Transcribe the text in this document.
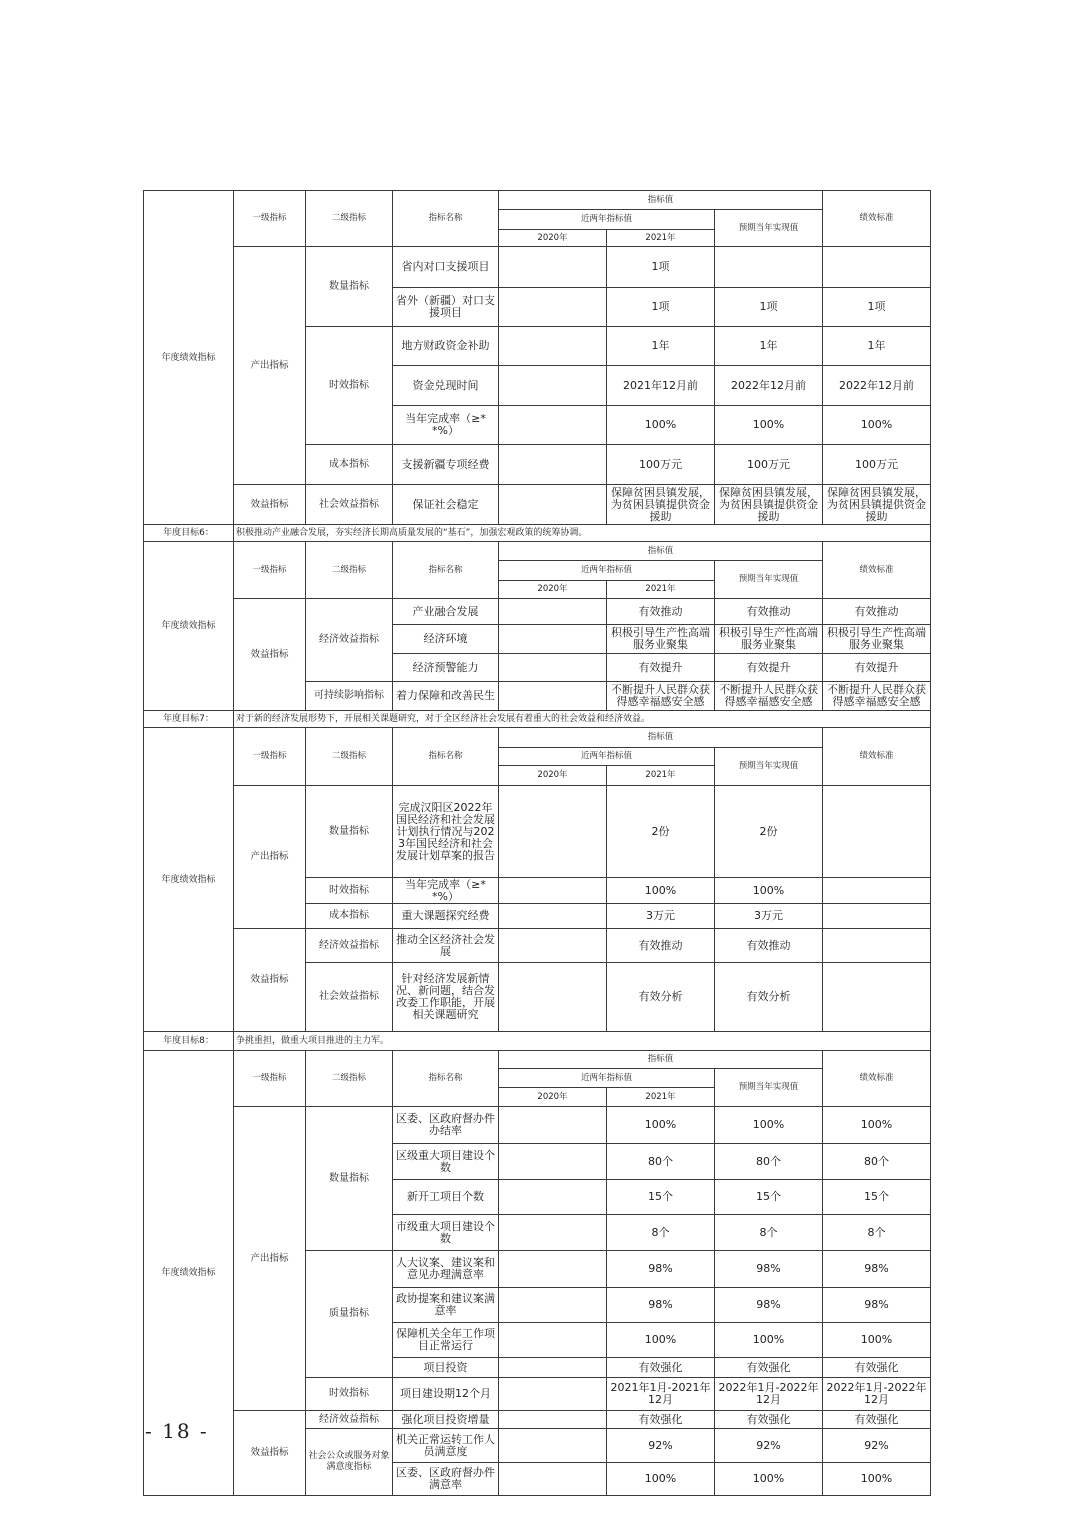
年度绩效指标	一级指标	二级指标	指标名称	指标值			绩效标准
				近两年指标值		预期当年实现值	
				2020年	2021年		
	产出指标	数量指标	省内对口支援项目		1项		
			省外（新疆）对口支援项目		1项	1项	1项
		时效指标	地方财政资金补助		1年	1年	1年
			资金兑现时间		2021年12月前	2022年12月前	2022年12月前
			当年完成率（≥**%）		100%	100%	100%
		成本指标	支援新疆专项经费		100万元	100万元	100万元
	效益指标	社会效益指标	保证社会稳定		保障贫困县镇发展，为贫困县镇提供资金援助	保障贫困县镇发展，为贫困县镇提供资金援助	保障贫困县镇发展，为贫困县镇提供资金援助
年度目标6：	积极推动产业融合发展，夯实经济长期高质量发展的“基石”，加强宏观政策的统筹协调。						
年度绩效指标	一级指标	二级指标	指标名称	指标值			绩效标准
				近两年指标值		预期当年实现值	
				2020年	2021年		
	效益指标	经济效益指标	产业融合发展		有效推动	有效推动	有效推动
			经济环境		积极引导生产性高端服务业聚集	积极引导生产性高端服务业聚集	积极引导生产性高端服务业聚集
			经济预警能力		有效提升	有效提升	有效提升
		可持续影响指标	着力保障和改善民生		不断提升人民群众获得感幸福感安全感	不断提升人民群众获得感幸福感安全感	不断提升人民群众获得感幸福感安全感
年度目标7：	对于新的经济发展形势下，开展相关课题研究，对于全区经济社会发展有着重大的社会效益和经济效益。						
年度绩效指标	一级指标	二级指标	指标名称	指标值			绩效标准
				近两年指标值		预期当年实现值	
				2020年	2021年		
	产出指标	数量指标	完成汉阳区2022年国民经济和社会发展计划执行情况与2023年国民经济和社会发展计划草案的报告		2份	2份	
		时效指标	当年完成率（≥**%）		100%	100%	
		成本指标	重大课题探究经费		3万元	3万元	
	效益指标	经济效益指标	推动全区经济社会发展		有效推动	有效推动	
		社会效益指标	针对经济发展新情况、新问题，结合发改委工作职能，开展相关课题研究		有效分析	有效分析	
年度目标8：	争挑重担，做重大项目推进的主力军。						
年度绩效指标	一级指标	二级指标	指标名称	指标值			绩效标准
				近两年指标值		预期当年实现值	
				2020年	2021年		
	产出指标	数量指标	区委、区政府督办件办结率		100%	100%	100%
			区级重大项目建设个数		80个	80个	80个
			新开工项目个数		15个	15个	15个
			市级重大项目建设个数		8个	8个	8个
		质量指标	人大议案、建议案和意见办理满意率		98%	98%	98%
			政协提案和建议案满意率		98%	98%	98%
			保障机关全年工作项目正常运行		100%	100%	100%
			项目投资		有效强化	有效强化	有效强化
		时效指标	项目建设期12个月		2021年1月-2021年12月	2022年1月-2022年12月	2022年1月-2022年12月
	效益指标	经济效益指标	强化项目投资增量		有效强化	有效强化	有效强化
		社会公众或服务对象满意度指标	机关正常运转工作人员满意度		92%	92%	92%
			区委、区政府督办件满意率		100%	100%	100%
- 18 -
